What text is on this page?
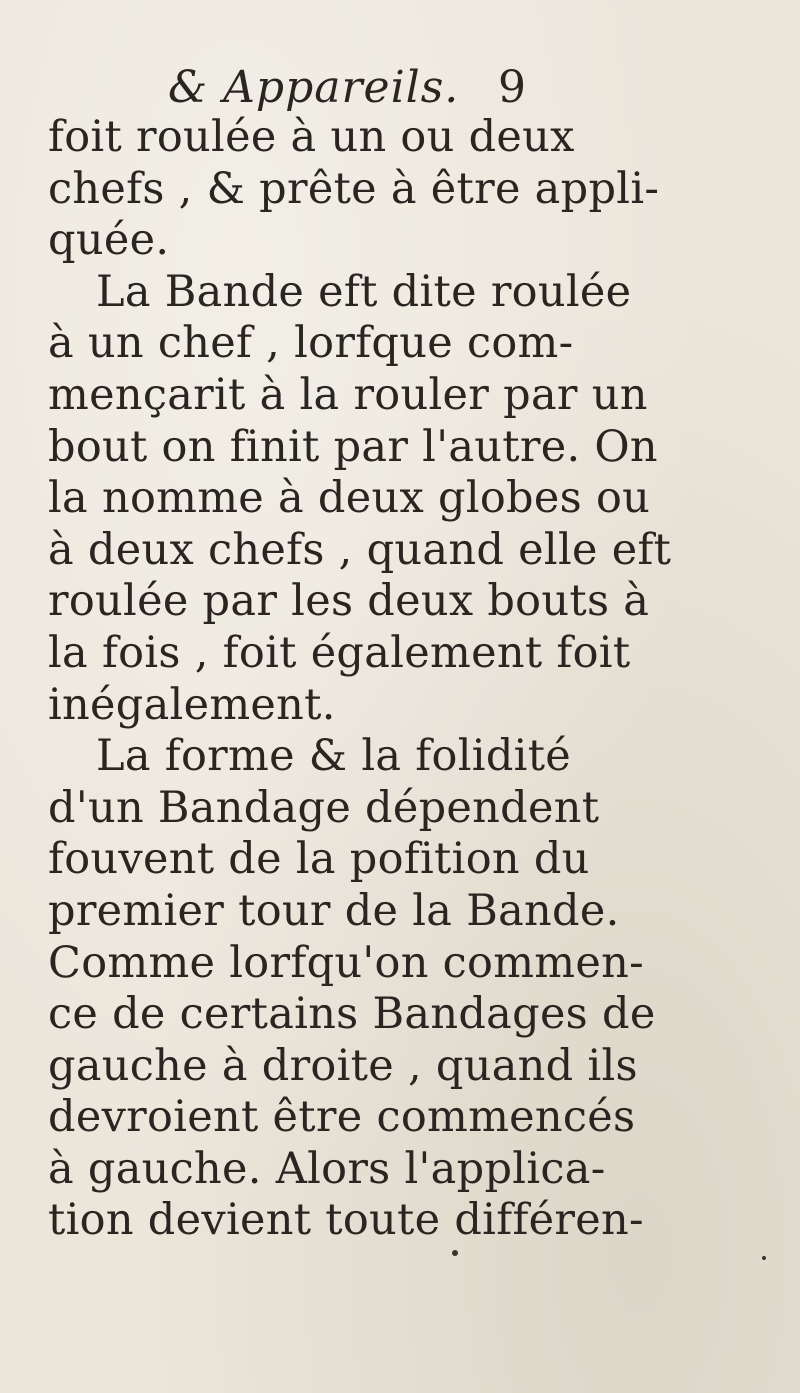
& Appareils. 9
foit roulée à un ou deux
chefs , & prête à être appli-
quée.
La Bande eft dite roulée
à un chef , lorfque com-
mençarit à la rouler par un
bout on finit par l'autre. On
la nomme à deux globes ou
à deux chefs , quand elle eft
roulée par les deux bouts à
la fois , foit également foit
inégalement.
La forme & la folidité
d'un Bandage dépendent
fouvent de la pofition du
premier tour de la Bande.
Comme lorfqu'on commen-
ce de certains Bandages de
gauche à droite , quand ils
devroient être commencés
à gauche. Alors l'applica-
tion devient toute différen-
